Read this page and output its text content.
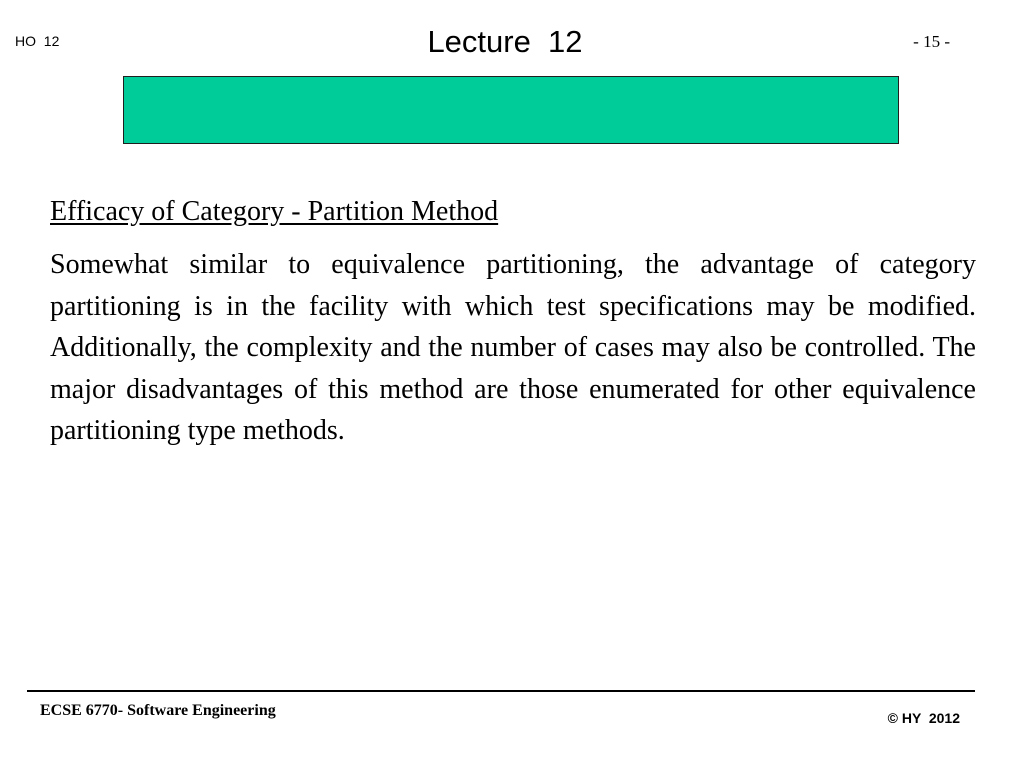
HO  12	Lecture  12	- 15 -
Efficacy of Category - Partition Method

Somewhat similar to equivalence partitioning, the advantage of category partitioning is in the facility with which test specifications may be modified. Additionally, the complexity and the number of cases may also be controlled. The major disadvantages of this method are those enumerated for other equivalence partitioning type methods.

ECSE 6770- Software Engineering	© HY  2012
